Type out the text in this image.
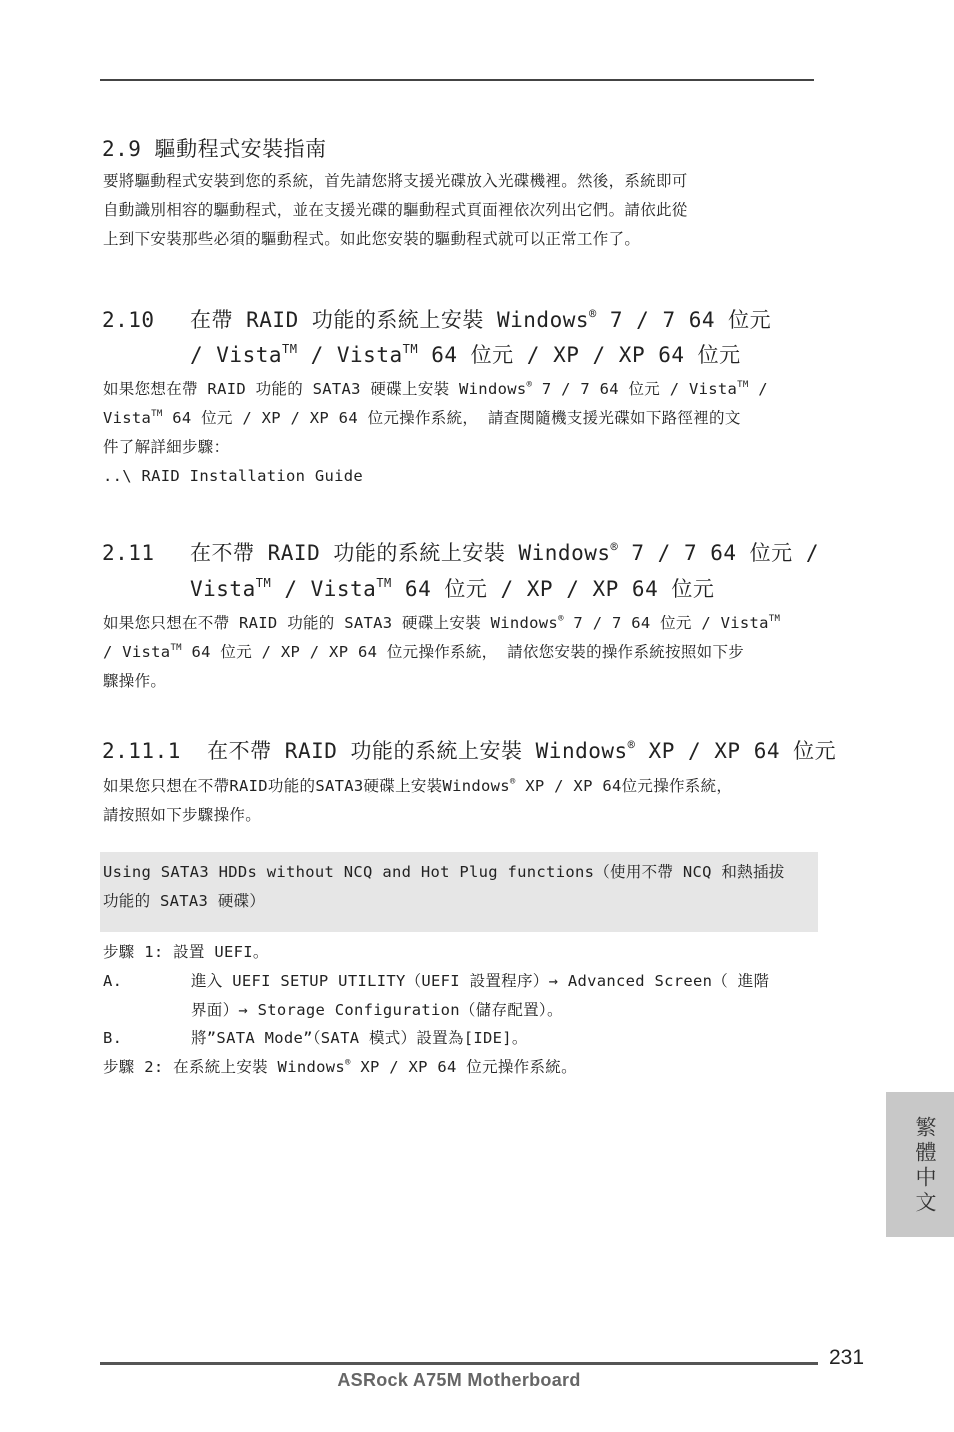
2.9 驅動程式安裝指南
要將驅動程式安裝到您的系統，首先請您將支援光碟放入光碟機裡。然後，系統即可
自動識別相容的驅動程式，並在支援光碟的驅動程式頁面裡依次列出它們。請依此從
上到下安裝那些必須的驅動程式。如此您安裝的驅動程式就可以正常工作了。
2.10 在帶 RAID 功能的系統上安裝 Windows® 7 / 7 64 位元
/ Vista™ / Vista™ 64 位元 / XP / XP 64 位元
如果您想在帶 RAID 功能的 SATA3 硬碟上安裝 Windows® 7 / 7 64 位元 / Vista™ /
Vista™ 64 位元 / XP / XP 64 位元操作系統， 請查閱隨機支援光碟如下路徑裡的文
件了解詳細步驟：
..\ RAID Installation Guide
2.11 在不帶 RAID 功能的系統上安裝 Windows® 7 / 7 64 位元 /
Vista™ / Vista™ 64 位元 / XP / XP 64 位元
如果您只想在不帶 RAID 功能的 SATA3 硬碟上安裝 Windows® 7 / 7 64 位元 / Vista™
/ Vista™ 64 位元 / XP / XP 64 位元操作系統， 請依您安裝的操作系統按照如下步
驟操作。
2.11.1 在不帶 RAID 功能的系統上安裝 Windows® XP / XP 64 位元
如果您只想在不帶RAID功能的SATA3硬碟上安裝Windows® XP / XP 64位元操作系統，
請按照如下步驟操作。
Using SATA3 HDDs without NCQ and Hot Plug functions（使用不帶 NCQ 和熱插拔
功能的 SATA3 硬碟）
步驟 1: 設置 UEFI。
A.	進入 UEFI SETUP UTILITY（UEFI 設置程序）→ Advanced Screen（ 進階
界面）→ Storage Configuration（儲存配置）。
B.	將”SATA Mode”（SATA 模式）設置為[IDE]。
步驟 2: 在系統上安裝 Windows® XP / XP 64 位元操作系統。
繁體中文
231
ASRock A75M Motherboard
